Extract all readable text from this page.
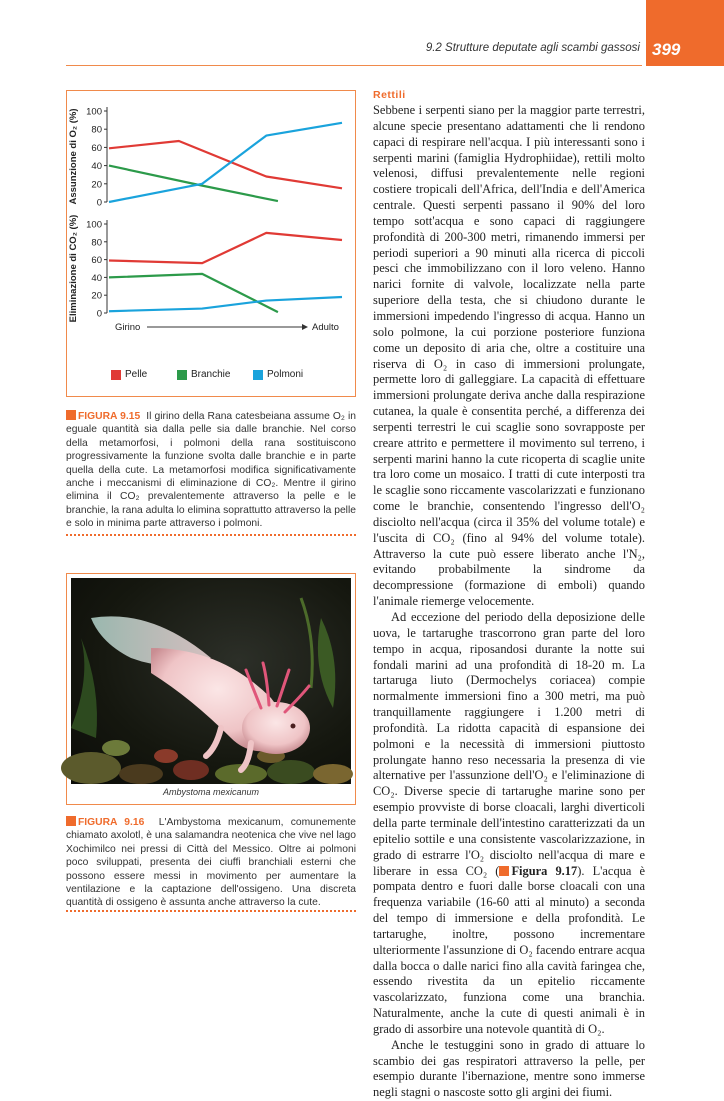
9.2 Strutture deputate agli scambi gassosi 399
100
80
60
40
20
0
Assunzione di O₂ (%)
100
80
60
40
20
0
Eliminazione di CO₂ (%)
Girino	Adulto
Pelle	Branchie	Polmoni
FIGURA 9.15 Il girino della Rana catesbeiana assume O₂ in eguale quantità sia dalla pelle sia dalle branchie. Nel corso della metamorfosi, i polmoni della rana sostituiscono progressivamente la funzione svolta dalle branchie e in parte quella della cute. La metamorfosi modifica significativamente anche i meccanismi di eliminazione di CO₂. Mentre il girino elimina il CO₂ prevalentemente attraverso la pelle e le branchie, la rana adulta lo elimina soprattutto attraverso la pelle e solo in minima parte attraverso i polmoni.
Ambystoma mexicanum
FIGURA 9.16 L'Ambystoma mexicanum, comunemente chiamato axolotl, è una salamandra neotenica che vive nel lago Xochimilco nei pressi di Città del Messico. Oltre ai polmoni poco sviluppati, presenta dei ciuffi branchiali esterni che possono essere messi in movimento per aumentare la ventilazione e la captazione dell'ossigeno. Una discreta quantità di ossigeno è assunta anche attraverso la cute.
Rettili

Sebbene i serpenti siano per la maggior parte terrestri, alcune specie presentano adattamenti che li rendono capaci di respirare nell'acqua. I più interessanti sono i serpenti marini (famiglia Hydrophiidae), rettili molto velenosi, diffusi prevalentemente nelle regioni costiere tropicali dell'Africa, dell'India e dell'America centrale. Questi serpenti passano il 90% del loro tempo sott'acqua e sono capaci di raggiungere profondità di 200-300 metri, rimanendo immersi per periodi superiori a 90 minuti alla ricerca di piccoli pesci che immobilizzano con il loro veleno. Hanno narici fornite di valvole, localizzate nella parte superiore della testa, che si chiudono durante le immersioni impedendo l'ingresso di acqua. Hanno un solo polmone, la cui porzione posteriore funziona come un deposito di aria che, oltre a costituire una riserva di O₂ in caso di immersioni prolungate, permette loro di galleggiare. La capacità di effettuare immersioni prolungate deriva anche dalla respirazione cutanea, la quale è consentita perché, a differenza dei serpenti terrestri le cui scaglie sono sovrapposte per creare attrito e permettere il movimento sul terreno, i serpenti marini hanno la cute ricoperta di scaglie unite tra loro come un mosaico. I tratti di cute interposti tra le scaglie sono riccamente vascolarizzati e funzionano come le branchie, consentendo l'ingresso dell'O₂ disciolto nell'acqua (circa il 35% del volume totale) e l'uscita di CO₂ (fino al 94% del volume totale). Attraverso la cute può essere liberato anche l'N₂, evitando probabilmente la sindrome da decompressione (formazione di emboli) quando l'animale riemerge velocemente.

Ad eccezione del periodo della deposizione delle uova, le tartarughe trascorrono gran parte del loro tempo in acqua, riposandosi durante la notte sui fondali marini ad una profondità di 18-20 m. La tartaruga liuto (Dermochelys coriacea) compie normalmente immersioni fino a 300 metri, ma può tranquillamente raggiungere i 1.200 metri di profondità. La ridotta capacità di espansione dei polmoni e la necessità di immersioni piuttosto prolungate hanno reso necessaria la presenza di vie alternative per l'assunzione dell'O₂ e l'eliminazione di CO₂. Diverse specie di tartarughe marine sono per esempio provviste di borse cloacali, larghi diverticoli della parte terminale dell'intestino caratterizzati da un epitelio sottile e una consistente vascolarizzazione, in grado di estrarre l'O₂ disciolto nell'acqua di mare e liberare in essa CO₂ ( Figura 9.17). L'acqua è pompata dentro e fuori dalle borse cloacali con una frequenza variabile (16-60 atti al minuto) a seconda del tempo di immersione e della profondità. Le tartarughe, inoltre, possono incrementare ulteriormente l'assunzione di O₂ facendo entrare acqua dalla bocca o dalle narici fino alla cavità faringea che, essendo rivestita da un epitelio riccamente vascolarizzato, funziona come una branchia. Naturalmente, anche la cute di questi animali è in grado di assorbire una notevole quantità di O₂.

Anche le testuggini sono in grado di attuare lo scambio dei gas respiratori attraverso la pelle, per esempio durante l'ibernazione, mentre sono immerse negli stagni o nascoste sotto gli argini dei fiumi.
